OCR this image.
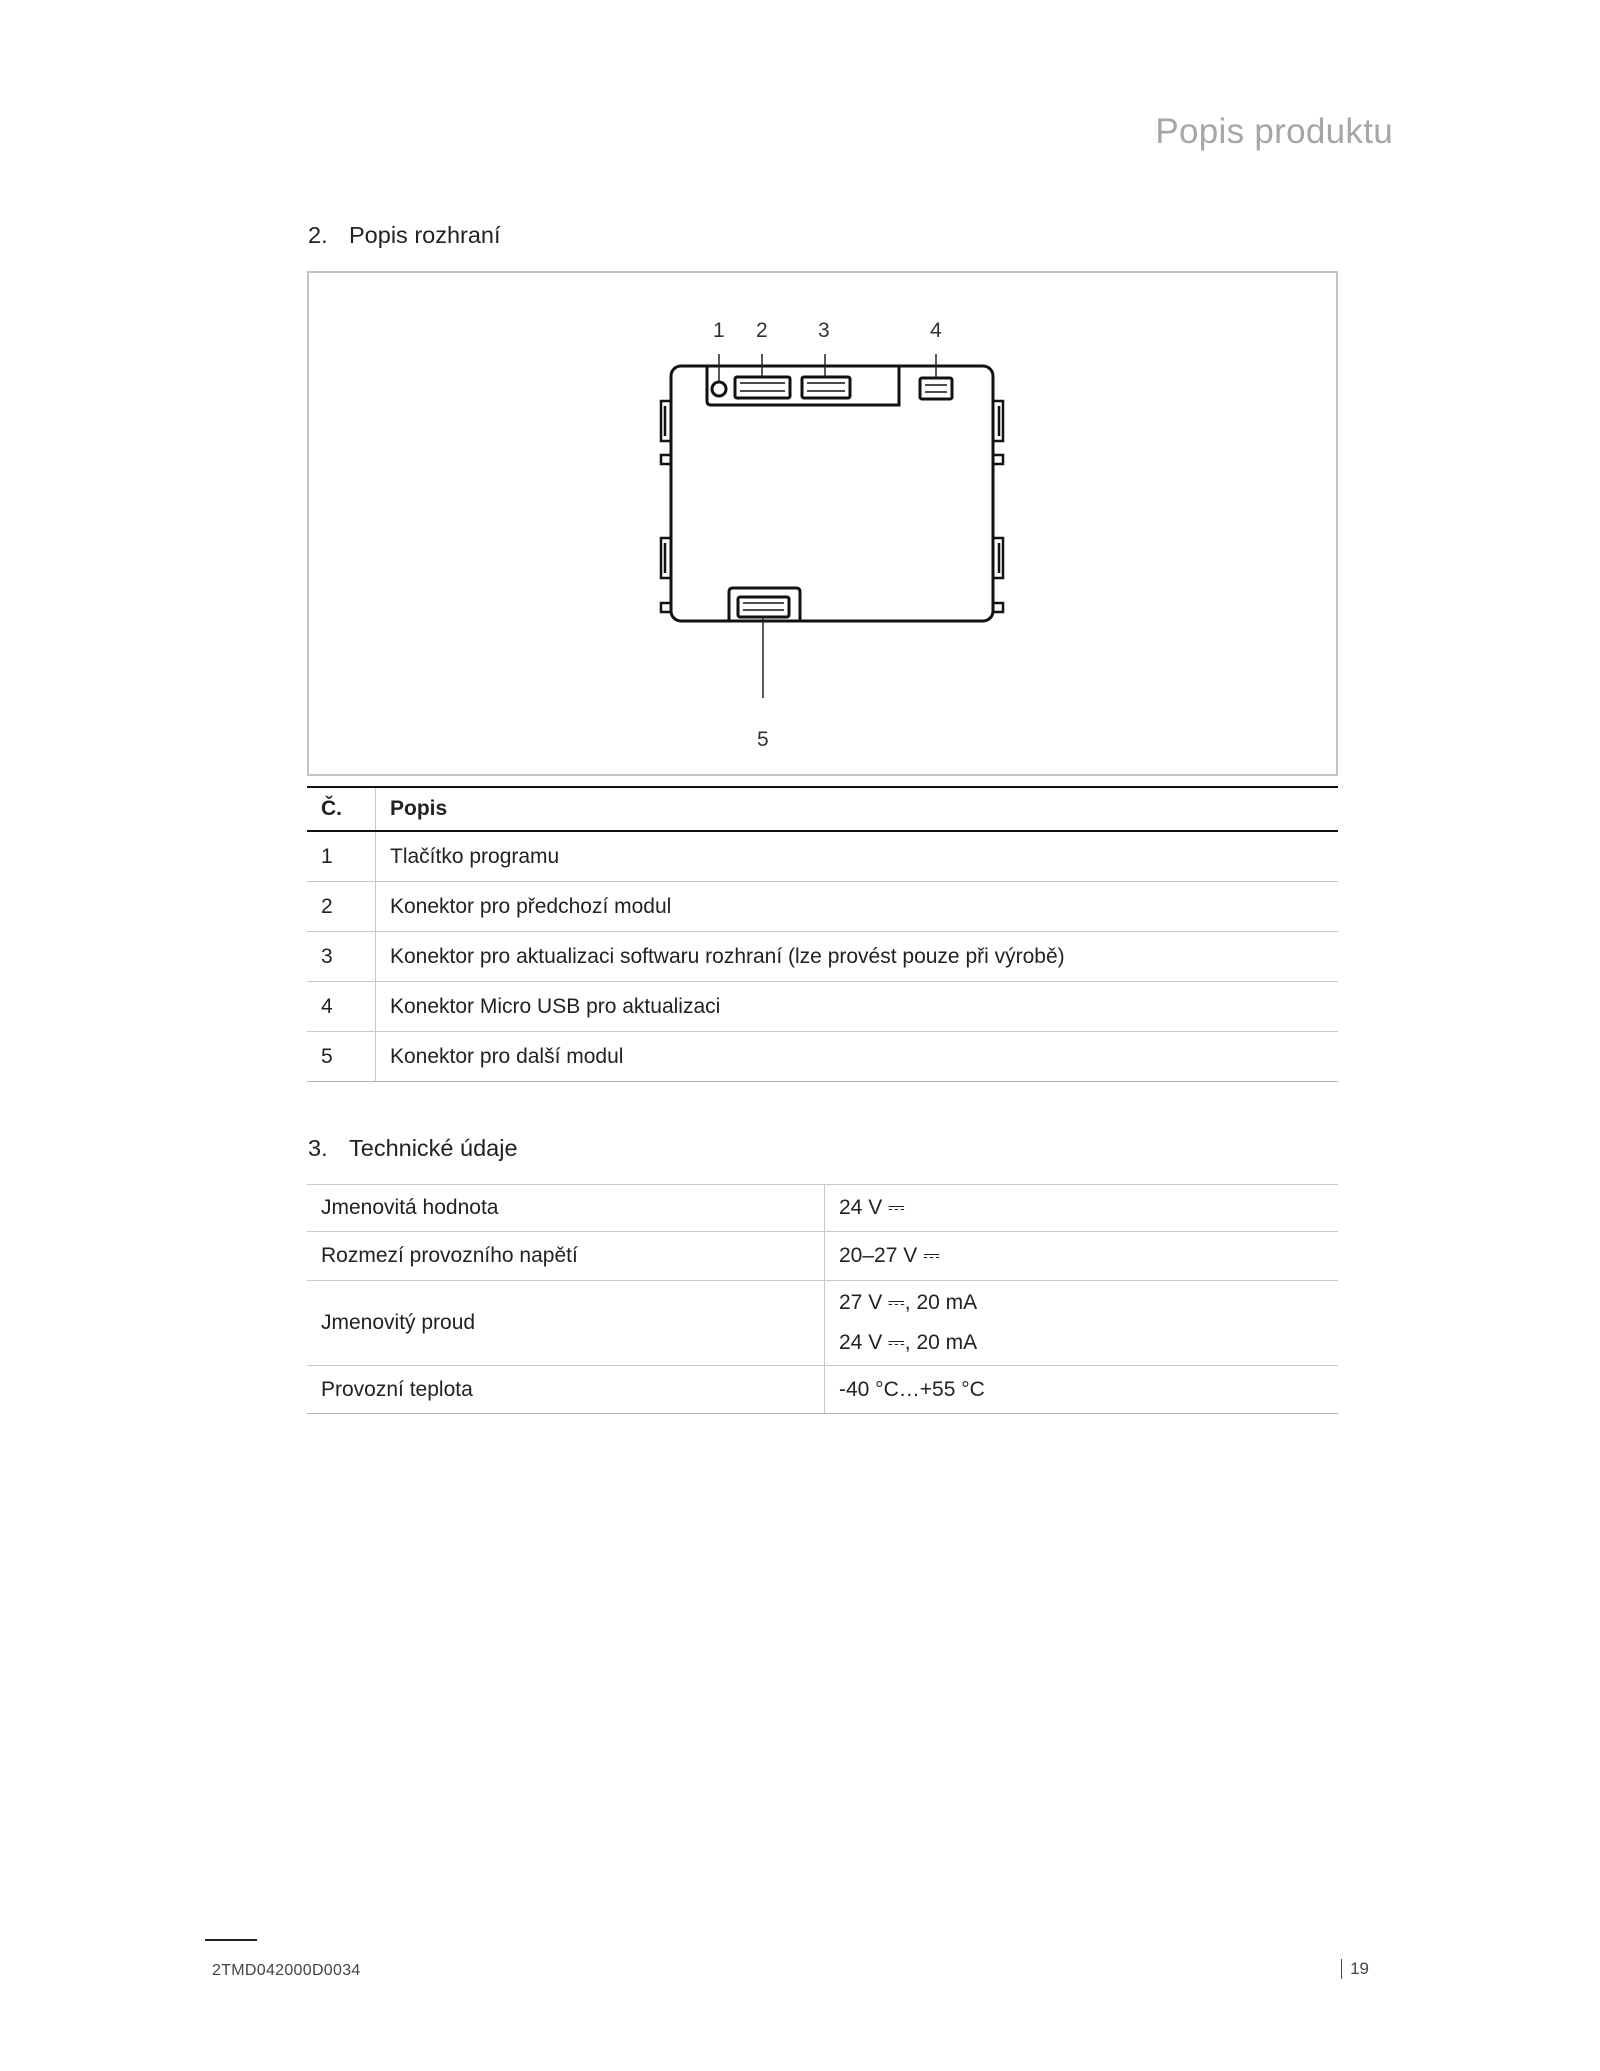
Popis produktu
2. Popis rozhraní
1 2 3	4
5
Č.	Popis
1	Tlačítko programu
2	Konektor pro předchozí modul
3	Konektor pro aktualizaci softwaru rozhraní (lze provést pouze při výrobě)
4	Konektor Micro USB pro aktualizaci
5	Konektor pro další modul
3. Technické údaje
Jmenovitá hodnota	24 V ⎓
Rozmezí provozního napětí	20–27 V ⎓
Jmenovitý proud	27 V ⎓, 20 mA
24 V ⎓, 20 mA

Provozní teplota	-40 °C…+55 °C
2TMD042000D0034	19
